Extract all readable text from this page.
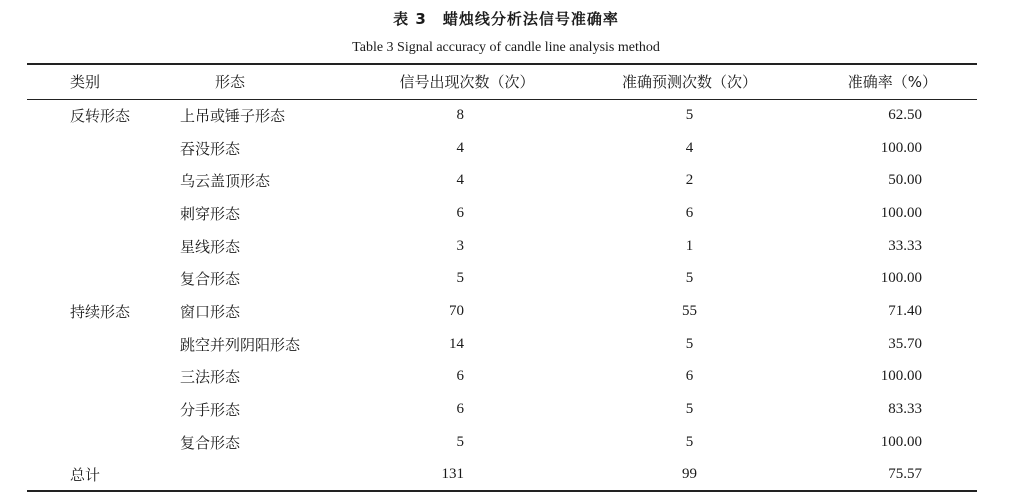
表 3　蜡烛线分析法信号准确率
Table 3 Signal accuracy of candle line analysis method
类别	形态	信号出现次数（次）	准确预测次数（次）	准确率（%）
反转形态	上吊或锤子形态	8	5	62.50
	吞没形态	4	4	100.00
	乌云盖顶形态	4	2	50.00
	刺穿形态	6	6	100.00
	星线形态	3	1	33.33
	复合形态	5	5	100.00
持续形态	窗口形态	70	55	71.40
	跳空并列阴阳形态	14	5	35.70
	三法形态	6	6	100.00
	分手形态	6	5	83.33
	复合形态	5	5	100.00
总计		131	99	75.57
